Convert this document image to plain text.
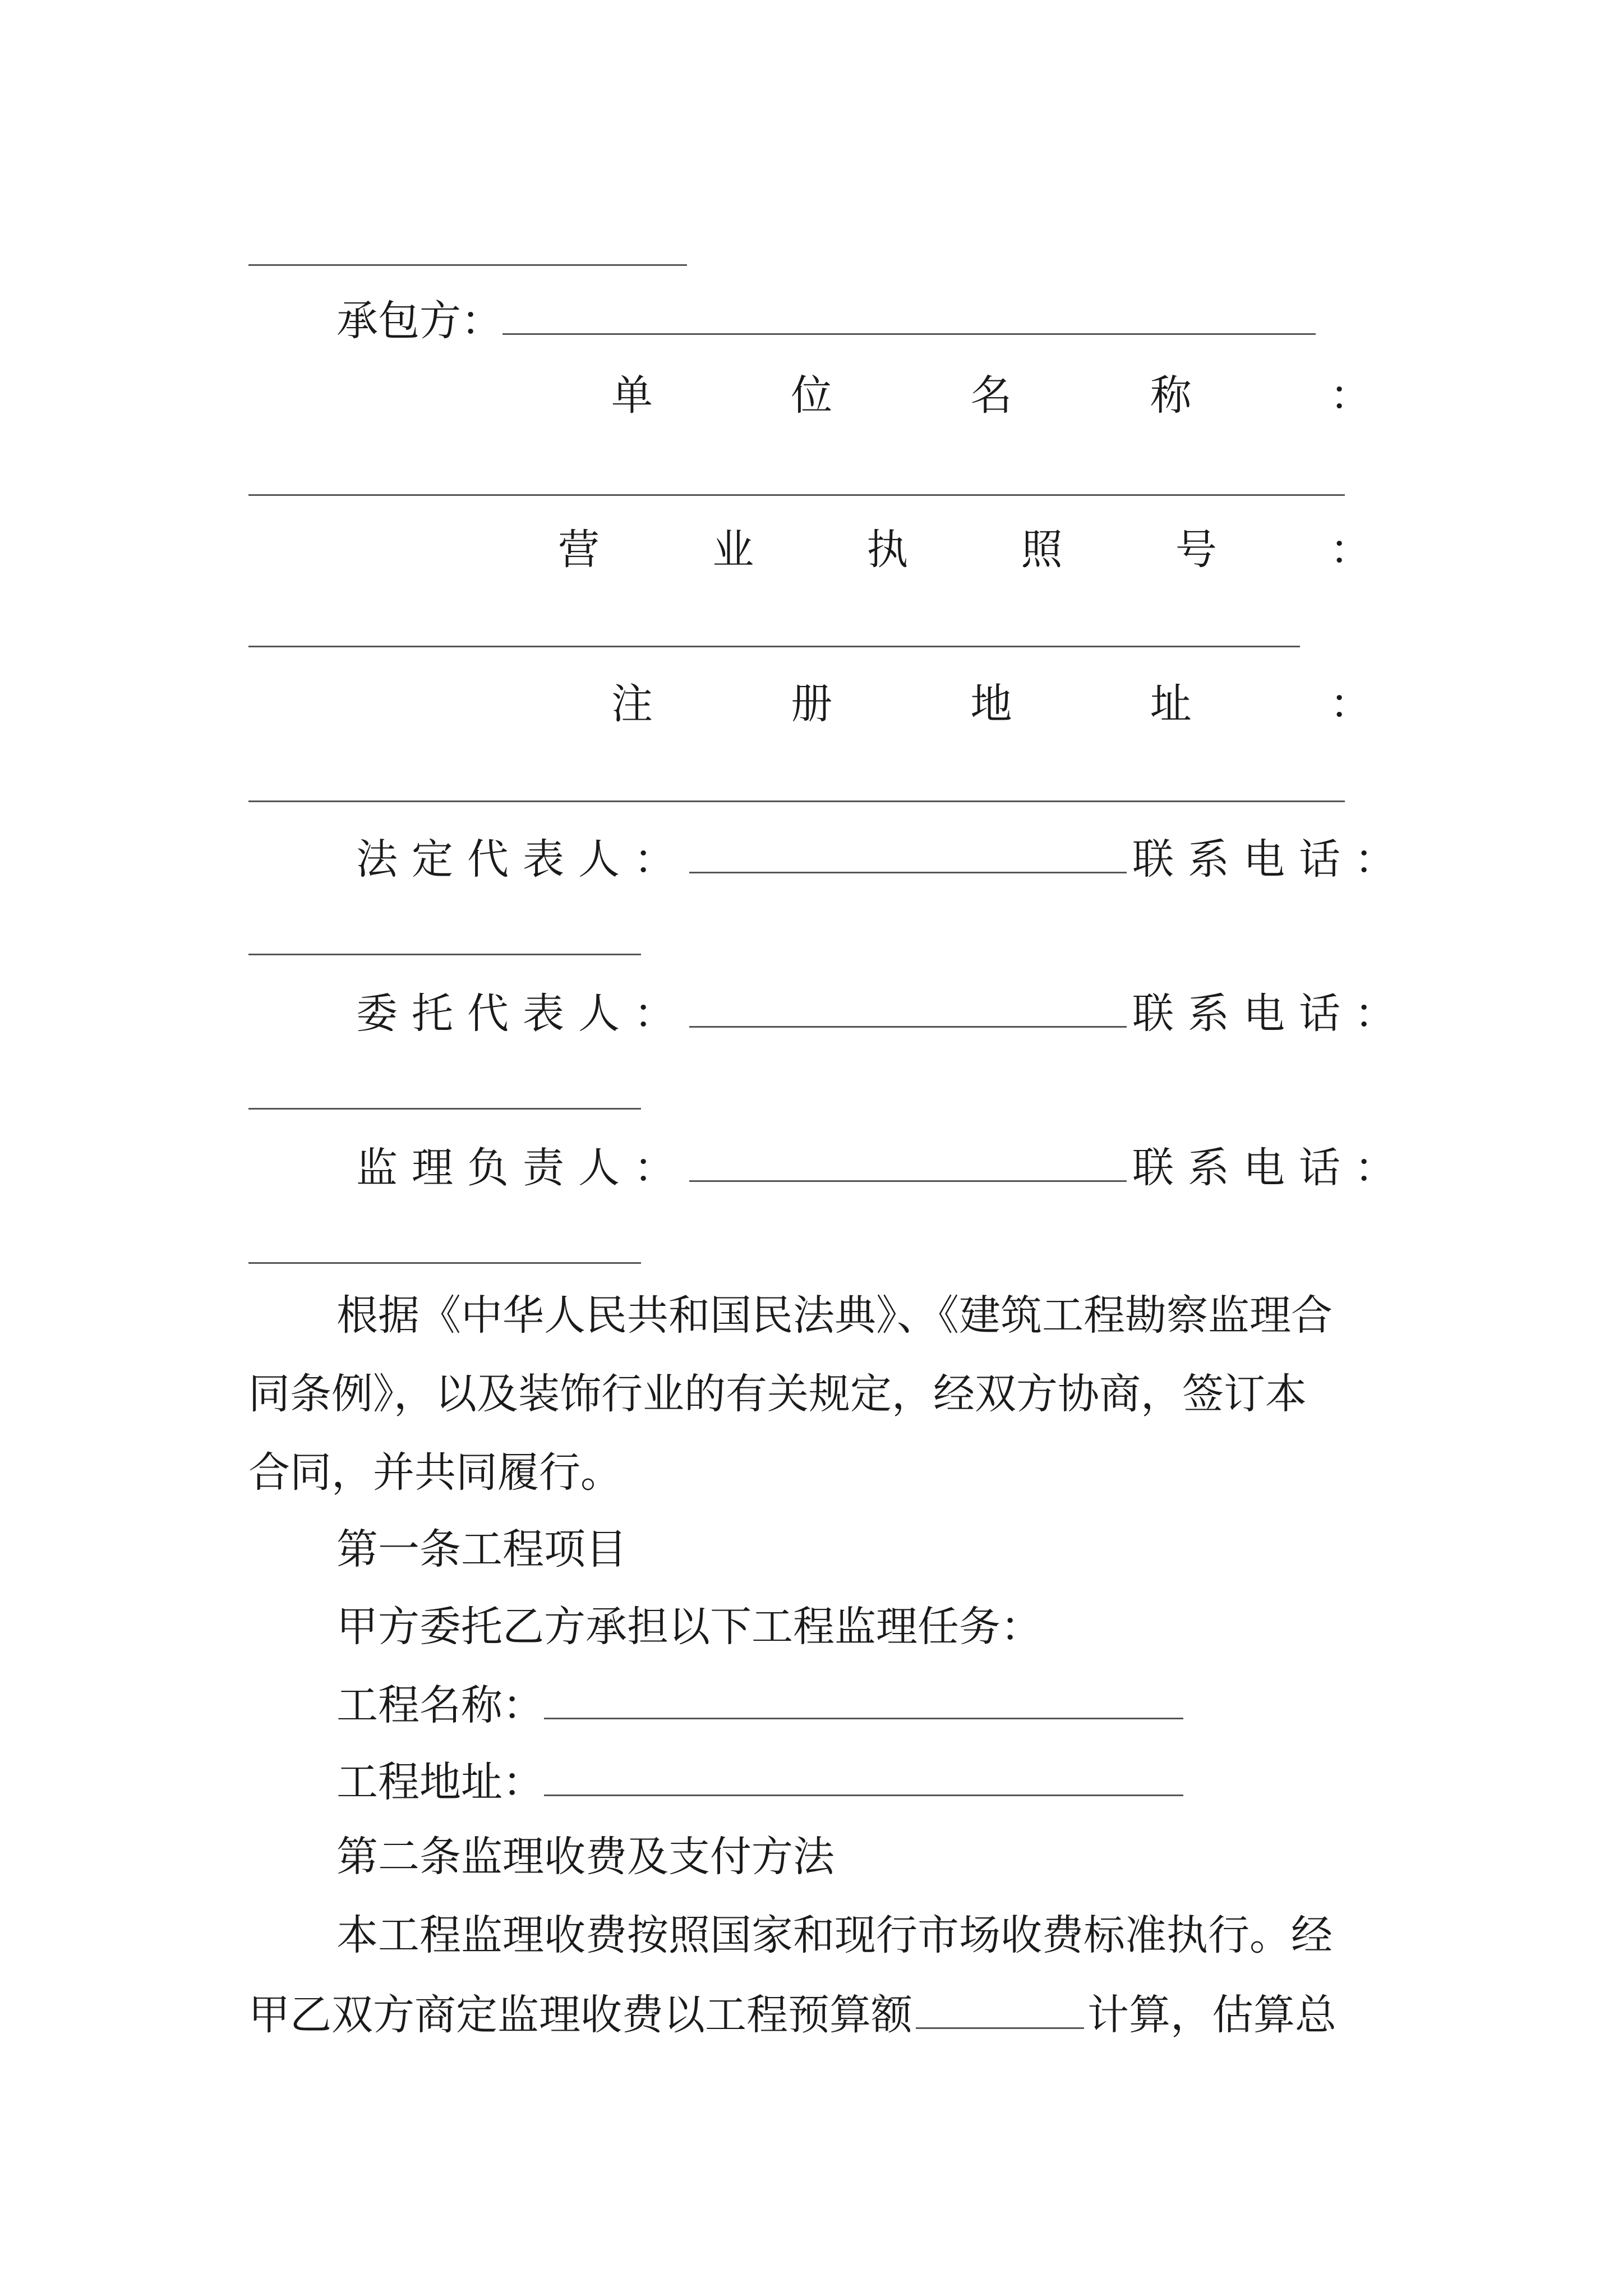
承包方：
单	位	名	称	：
营	业	执	照	号	：
注	册	地	址	：
法定代表人：	联系电话：
委托代表人：	联系电话：
监理负责人：	联系电话：
根据《中华人民共和国民法典》、《建筑工程勘察监理合
同条例》，以及装饰行业的有关规定，经双方协商，签订本
合同，并共同履行。
第一条工程项目
甲方委托乙方承担以下工程监理任务：
工程名称：
工程地址：
第二条监理收费及支付方法
本工程监理收费按照国家和现行市场收费标准执行。经
甲乙双方商定监理收费以工程预算额	计算，估算总
